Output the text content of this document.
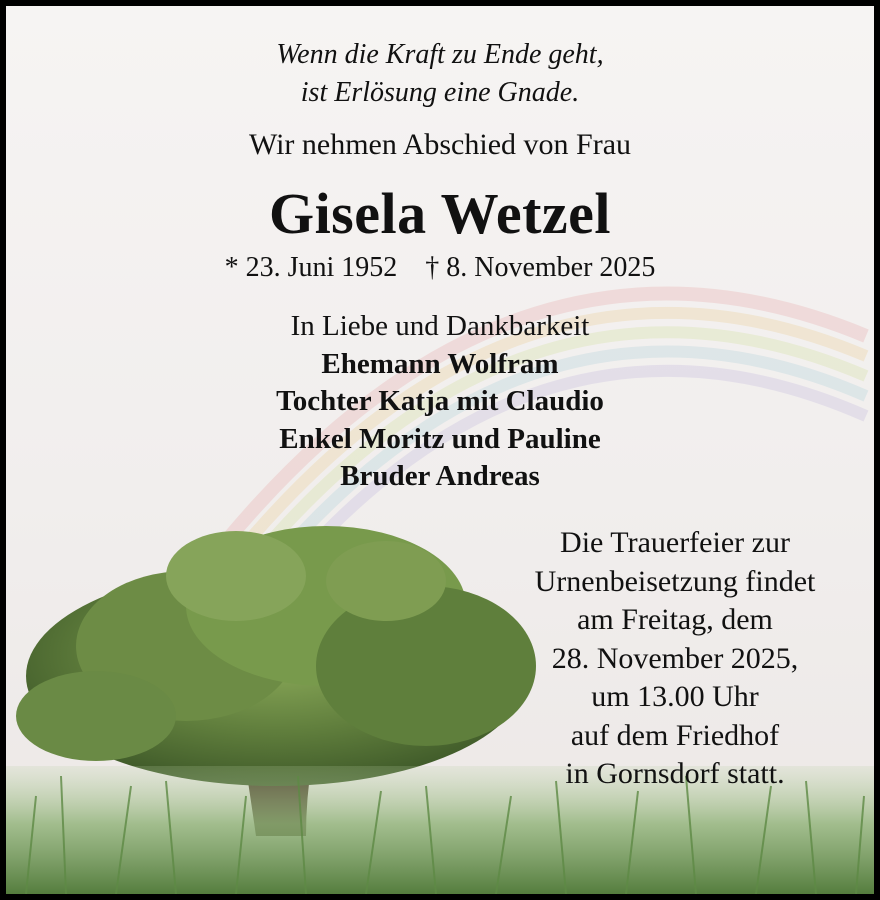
Wenn die Kraft zu Ende geht,
ist Erlösung eine Gnade.
Wir nehmen Abschied von Frau
Gisela Wetzel
* 23. Juni 1952 † 8. November 2025
In Liebe und Dankbarkeit
Ehemann Wolfram
Tochter Katja mit Claudio
Enkel Moritz und Pauline
Bruder Andreas
Die Trauerfeier zur
Urnenbeisetzung findet
am Freitag, dem
28. November 2025,
um 13.00 Uhr
auf dem Friedhof
in Gornsdorf statt.
